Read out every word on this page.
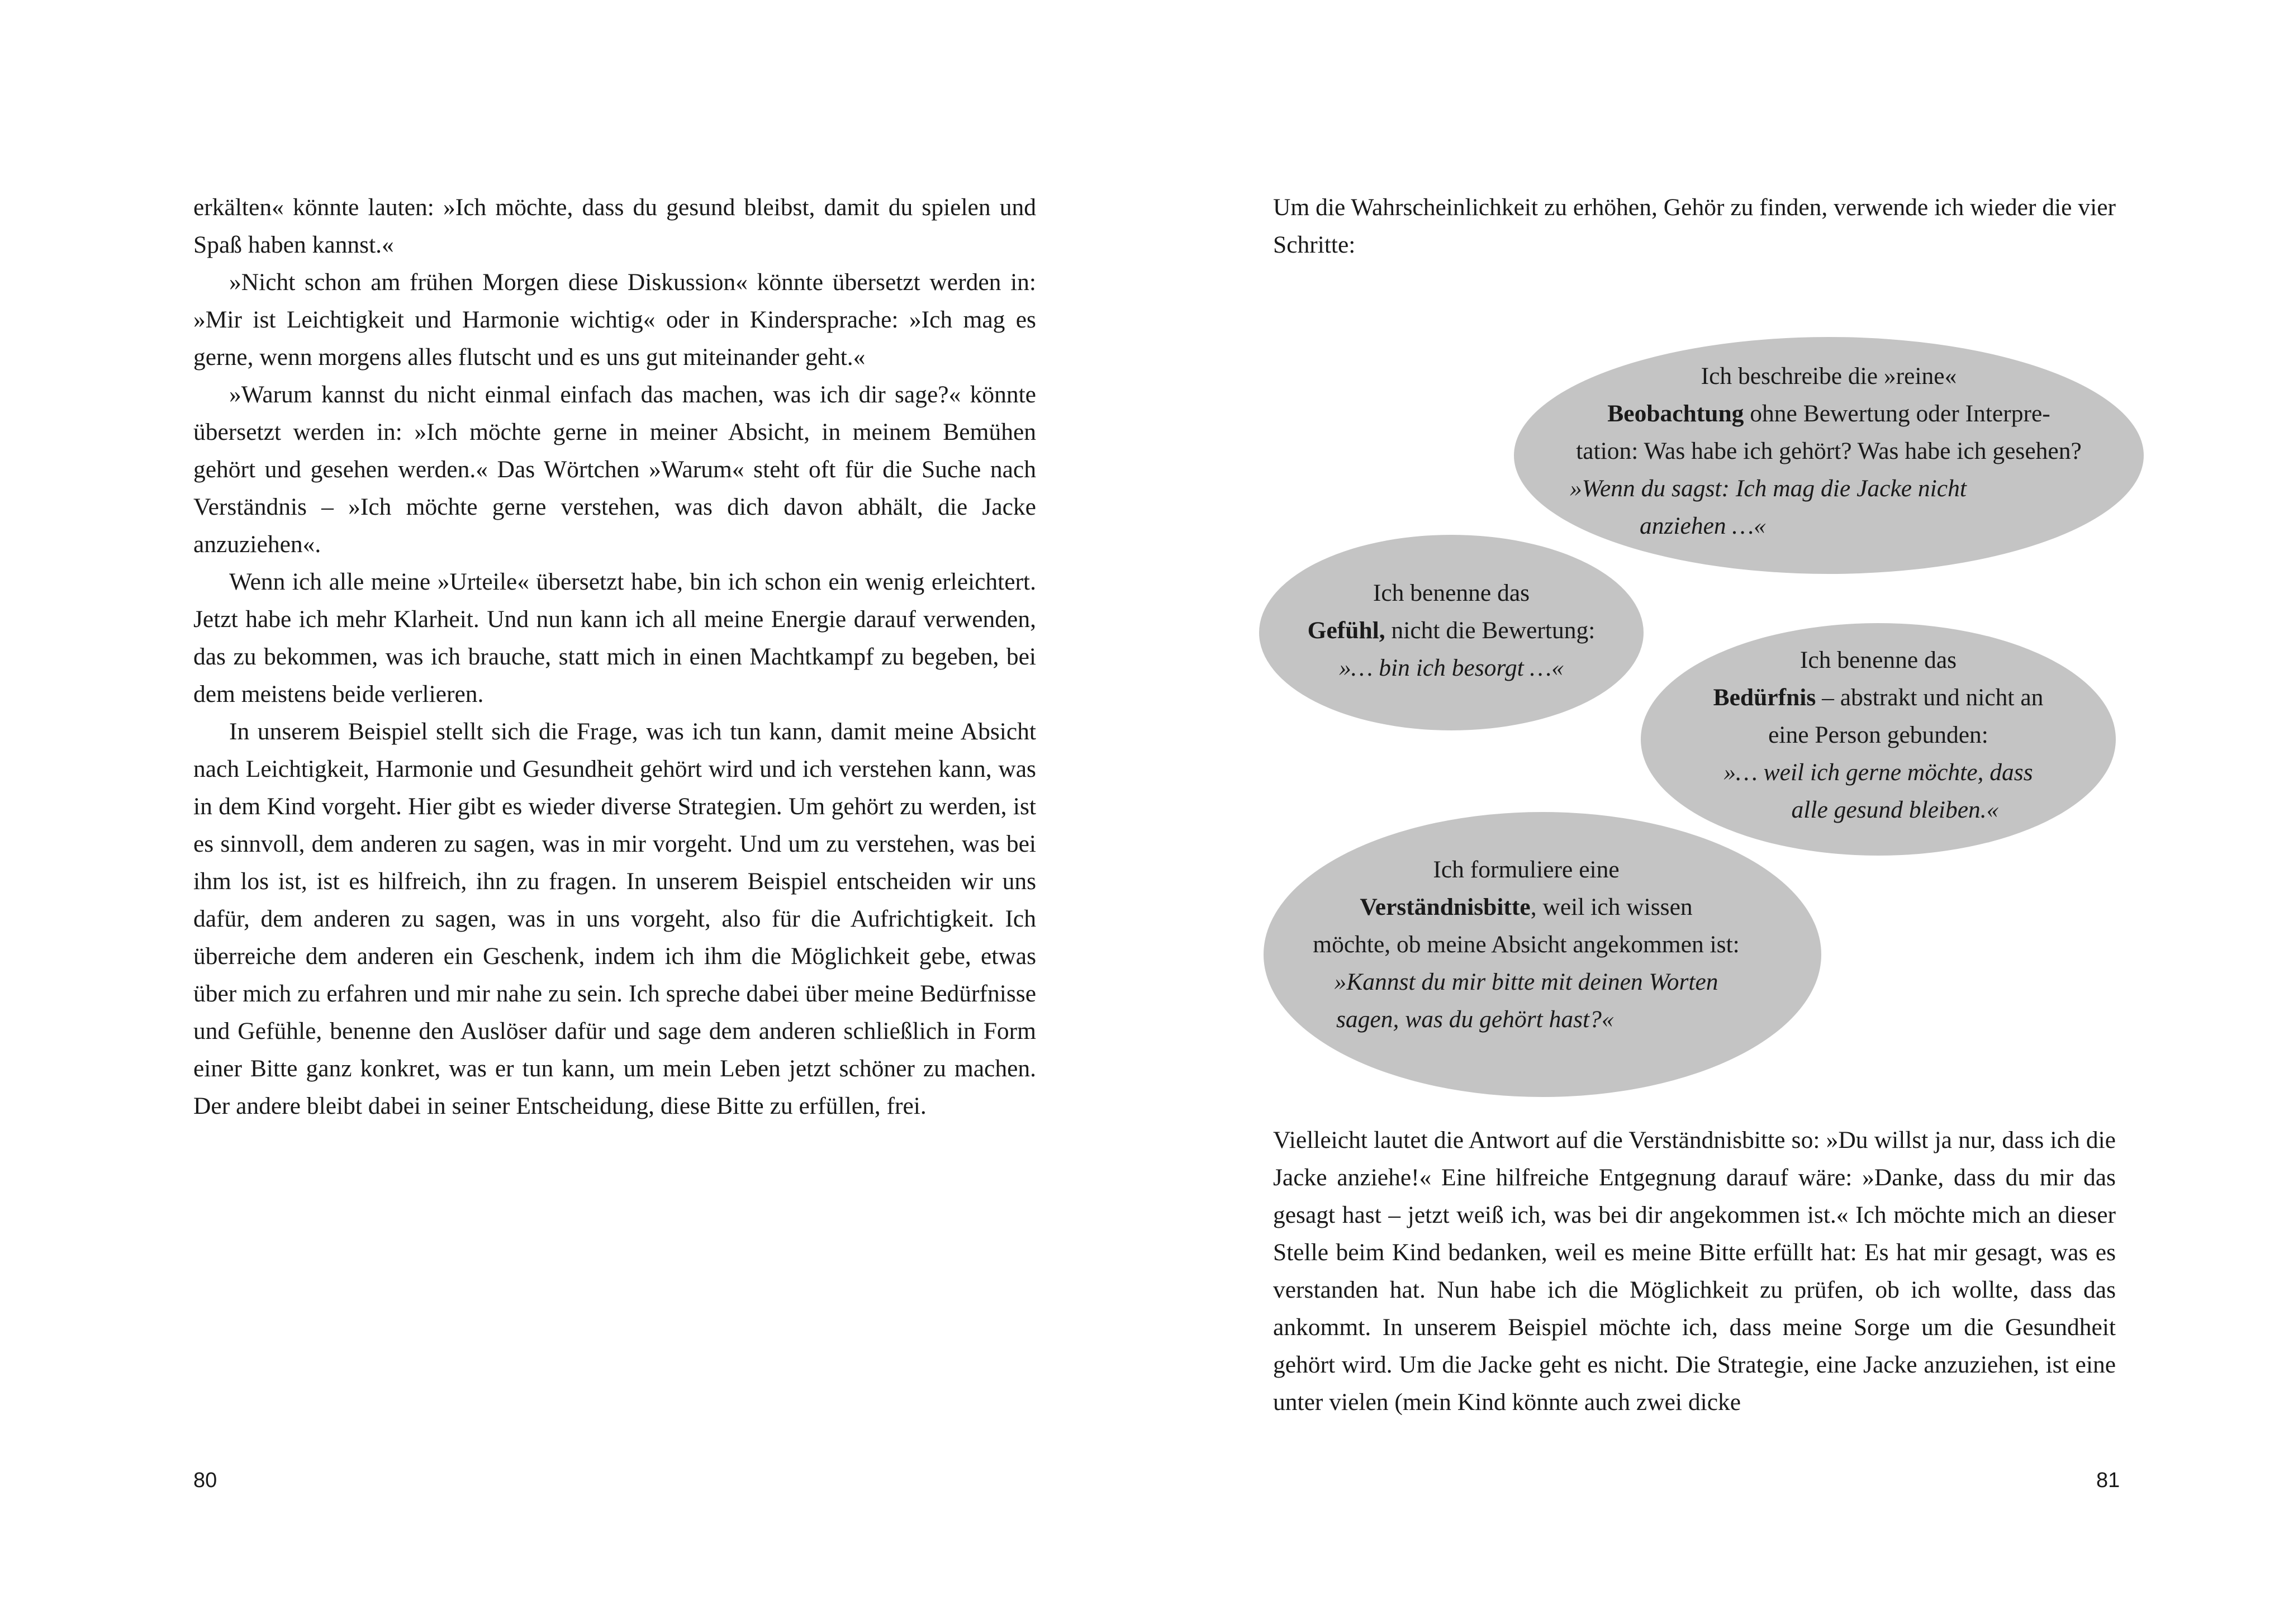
erkälten« könnte lauten: »Ich möchte, dass du gesund bleibst, damit du spielen und Spaß haben kannst.«

»Nicht schon am frühen Morgen diese Diskussion« könnte übersetzt werden in: »Mir ist Leichtigkeit und Harmonie wichtig« oder in Kindersprache: »Ich mag es gerne, wenn morgens alles flutscht und es uns gut miteinander geht.«

»Warum kannst du nicht einmal einfach das machen, was ich dir sage?« könnte übersetzt werden in: »Ich möchte gerne in meiner Absicht, in meinem Bemühen gehört und gesehen werden.« Das Wörtchen »Warum« steht oft für die Suche nach Verständnis – »Ich möchte gerne verstehen, was dich davon abhält, die Jacke anzuziehen«.

Wenn ich alle meine »Urteile« übersetzt habe, bin ich schon ein wenig erleichtert. Jetzt habe ich mehr Klarheit. Und nun kann ich all meine Energie darauf verwenden, das zu bekommen, was ich brauche, statt mich in einen Machtkampf zu begeben, bei dem meistens beide verlieren.

In unserem Beispiel stellt sich die Frage, was ich tun kann, damit meine Absicht nach Leichtigkeit, Harmonie und Gesundheit gehört wird und ich verstehen kann, was in dem Kind vorgeht. Hier gibt es wieder diverse Strategien. Um gehört zu werden, ist es sinnvoll, dem anderen zu sagen, was in mir vorgeht. Und um zu verstehen, was bei ihm los ist, ist es hilfreich, ihn zu fragen. In unserem Beispiel entscheiden wir uns dafür, dem anderen zu sagen, was in uns vorgeht, also für die Aufrichtigkeit. Ich überreiche dem anderen ein Geschenk, indem ich ihm die Möglichkeit gebe, etwas über mich zu erfahren und mir nahe zu sein. Ich spreche dabei über meine Bedürfnisse und Gefühle, benenne den Auslöser dafür und sage dem anderen schließlich in Form einer Bitte ganz konkret, was er tun kann, um mein Leben jetzt schöner zu machen. Der andere bleibt dabei in seiner Entscheidung, diese Bitte zu erfüllen, frei.

80

Um die Wahrscheinlichkeit zu erhöhen, Gehör zu finden, verwende ich wieder die vier Schritte:

Ich beschreibe die »reine«
Beobachtung ohne Bewertung oder Interpre-
tation: Was habe ich gehört? Was habe ich gesehen?
»Wenn du sagst: Ich mag die Jacke nicht
anziehen …«
Ich benenne das
Gefühl, nicht die Bewertung:
»… bin ich besorgt …«	Ich benenne das
Bedürfnis – abstrakt und nicht an
eine Person gebunden:
»… weil ich gerne möchte, dass
alle gesund bleiben.«
Ich formuliere eine
Verständnisbitte, weil ich wissen
möchte, ob meine Absicht angekommen ist:
»Kannst du mir bitte mit deinen Worten
sagen, was du gehört hast?«

Vielleicht lautet die Antwort auf die Verständnisbitte so: »Du willst ja nur, dass ich die Jacke anziehe!« Eine hilfreiche Entgegnung darauf wäre: »Danke, dass du mir das gesagt hast – jetzt weiß ich, was bei dir angekommen ist.« Ich möchte mich an dieser Stelle beim Kind bedanken, weil es meine Bitte erfüllt hat: Es hat mir gesagt, was es verstanden hat. Nun habe ich die Möglichkeit zu prüfen, ob ich wollte, dass das ankommt. In unserem Beispiel möchte ich, dass meine Sorge um die Gesundheit gehört wird. Um die Jacke geht es nicht. Die Strategie, eine Jacke anzuziehen, ist eine unter vielen (mein Kind könnte auch zwei dicke

81
